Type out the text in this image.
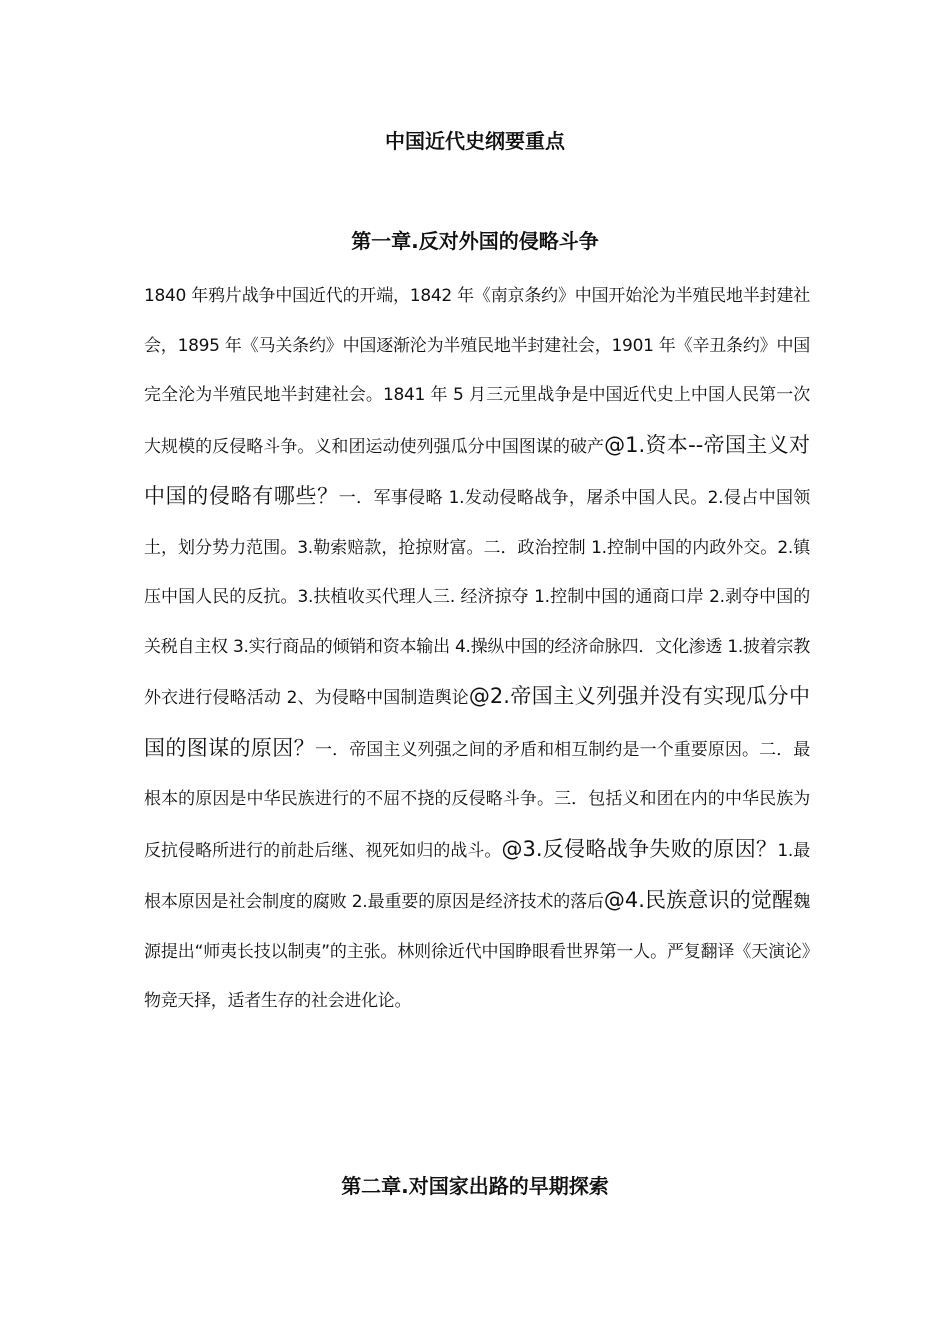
中国近代史纲要重点
第一章.反对外国的侵略斗争

1840 年鸦片战争中国近代的开端，1842 年《南京条约》中国开始沦为半殖民地半封建社会，1895 年《马关条约》中国逐渐沦为半殖民地半封建社会，1901 年《辛丑条约》中国完全沦为半殖民地半封建社会。1841 年 5 月三元里战争是中国近代史上中国人民第一次大规模的反侵略斗争。义和团运动使列强瓜分中国图谋的破产@1.资本--帝国主义对中国的侵略有哪些？一．军事侵略 1.发动侵略战争，屠杀中国人民。2.侵占中国领土，划分势力范围。3.勒索赔款，抢掠财富。二．政治控制 1.控制中国的内政外交。2.镇压中国人民的反抗。3.扶植收买代理人三. 经济掠夺 1.控制中国的通商口岸 2.剥夺中国的关税自主权 3.实行商品的倾销和资本输出 4.操纵中国的经济命脉四．文化渗透 1.披着宗教外衣进行侵略活动 2、为侵略中国制造舆论@2.帝国主义列强并没有实现瓜分中国的图谋的原因？一．帝国主义列强之间的矛盾和相互制约是一个重要原因。二．最根本的原因是中华民族进行的不屈不挠的反侵略斗争。三．包括义和团在内的中华民族为反抗侵略所进行的前赴后继、视死如归的战斗。@3.反侵略战争失败的原因？1.最根本原因是社会制度的腐败 2.最重要的原因是经济技术的落后@4.民族意识的觉醒魏源提出“师夷长技以制夷”的主张。林则徐近代中国睁眼看世界第一人。严复翻译《天演论》物竞天择，适者生存的社会进化论。

第二章.对国家出路的早期探索
